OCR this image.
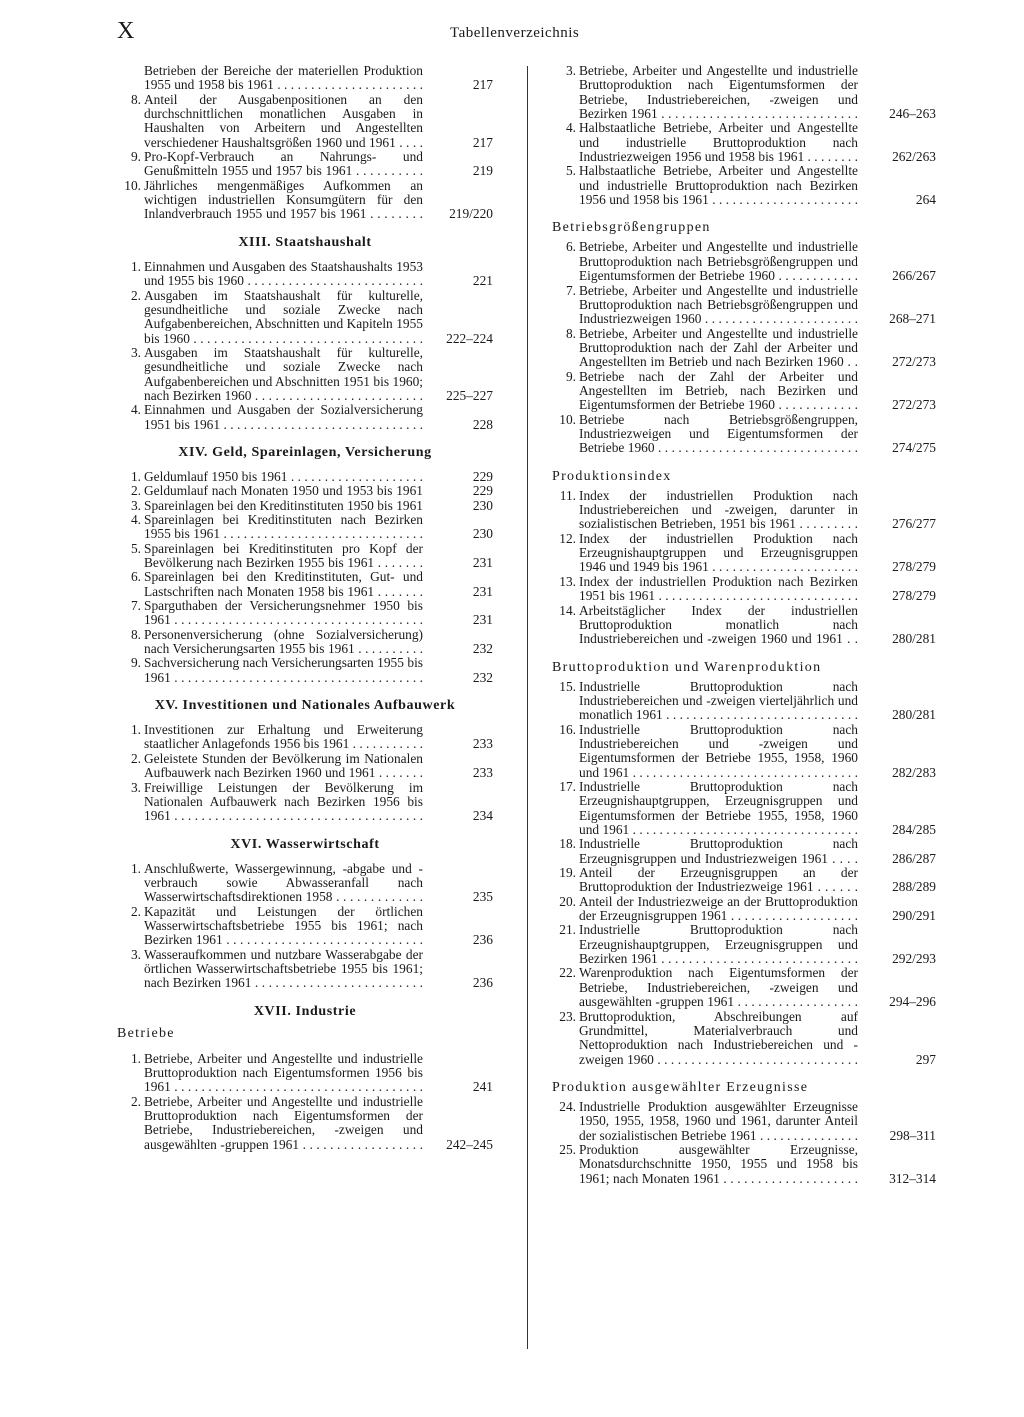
X	Tabellenverzeichnis
Betrieben der Bereiche der materiellen Produktion 1955 und 1958 bis 1961 . . .	217
8. Anteil der Ausgabenpositionen an den durchschnittlichen monatlichen Ausgaben in Haushalten von Arbeitern und Angestellten verschiedener Haushaltsgrößen 1960 und 1961 . . .	217
9. Pro-Kopf-Verbrauch an Nahrungs- und Genußmitteln 1955 und 1957 bis 1961 . . .	219
10. Jährliches mengenmäßiges Aufkommen an wichtigen industriellen Konsumgütern für den Inlandverbrauch 1955 und 1957 bis 1961 . . .	219/220
XIII. Staatshaushalt
1. Einnahmen und Ausgaben des Staatshaushalts 1953 und 1955 bis 1960 . . .	221
2. Ausgaben im Staatshaushalt für kulturelle, gesundheitliche und soziale Zwecke nach Aufgabenbereichen, Abschnitten und Kapiteln 1955 bis 1960 . . .	222–224
3. Ausgaben im Staatshaushalt für kulturelle, gesundheitliche und soziale Zwecke nach Aufgabenbereichen und Abschnitten 1951 bis 1960; nach Bezirken 1960 . . .	225–227
4. Einnahmen und Ausgaben der Sozialversicherung 1951 bis 1961 . . .	228
XIV. Geld, Spareinlagen, Versicherung
1. Geldumlauf 1950 bis 1961 . . .	229
2. Geldumlauf nach Monaten 1950 und 1953 bis 1961 . . .	229
3. Spareinlagen bei den Kreditinstituten 1950 bis 1961 . . .	230
4. Spareinlagen bei Kreditinstituten nach Bezirken 1955 bis 1961 . . .	230
5. Spareinlagen bei Kreditinstituten pro Kopf der Bevölkerung nach Bezirken 1955 bis 1961 . . .	231
6. Spareinlagen bei den Kreditinstituten, Gut- und Lastschriften nach Monaten 1958 bis 1961 . . .	231
7. Sparguthaben der Versicherungsnehmer 1950 bis 1961 . . .	231
8. Personenversicherung (ohne Sozialversicherung) nach Versicherungsarten 1955 bis 1961 . . .	232
9. Sachversicherung nach Versicherungsarten 1955 bis 1961 . . .	232
XV. Investitionen und Nationales Aufbauwerk
1. Investitionen zur Erhaltung und Erweiterung staatlicher Anlagefonds 1956 bis 1961 . . .	233
2. Geleistete Stunden der Bevölkerung im Nationalen Aufbauwerk nach Bezirken 1960 und 1961 . . .	233
3. Freiwillige Leistungen der Bevölkerung im Nationalen Aufbauwerk nach Bezirken 1956 bis 1961 . . .	234
XVI. Wasserwirtschaft
1. Anschlußwerte, Wassergewinnung, -abgabe und -verbrauch sowie Abwasseranfall nach Wasserwirtschaftsdirektionen 1958 . . .	235
2. Kapazität und Leistungen der örtlichen Wasserwirtschaftsbetriebe 1955 bis 1961; nach Bezirken 1961 . . .	236
3. Wasseraufkommen und nutzbare Wasserabgabe der örtlichen Wasserwirtschaftsbetriebe 1955 bis 1961; nach Bezirken 1961 . . .	236
XVII. Industrie
Betriebe
1. Betriebe, Arbeiter und Angestellte und industrielle Bruttoproduktion nach Eigentumsformen 1956 bis 1961 . . .	241
2. Betriebe, Arbeiter und Angestellte und industrielle Bruttoproduktion nach Eigentumsformen der Betriebe, Industriebereichen, -zweigen und ausgewählten -gruppen 1961 . . .	242–245
3. Betriebe, Arbeiter und Angestellte und industrielle Bruttoproduktion nach Eigentumsformen der Betriebe, Industriebereichen, -zweigen und Bezirken 1961 . . .	246–263
4. Halbstaatliche Betriebe, Arbeiter und Angestellte und industrielle Bruttoproduktion nach Industriezweigen 1956 und 1958 bis 1961 . . .	262/263
5. Halbstaatliche Betriebe, Arbeiter und Angestellte und industrielle Bruttoproduktion nach Bezirken 1956 und 1958 bis 1961 . . .	264
Betriebsgrößengruppen
6. Betriebe, Arbeiter und Angestellte und industrielle Bruttoproduktion nach Betriebsgrößengruppen und Eigentumsformen der Betriebe 1960 . . .	266/267
7. Betriebe, Arbeiter und Angestellte und industrielle Bruttoproduktion nach Betriebsgrößengruppen und Industriezweigen 1960 . . .	268–271
8. Betriebe, Arbeiter und Angestellte und industrielle Bruttoproduktion nach der Zahl der Arbeiter und Angestellten im Betrieb und nach Bezirken 1960 . . .	272/273
9. Betriebe nach der Zahl der Arbeiter und Angestellten im Betrieb, nach Bezirken und Eigentumsformen der Betriebe 1960 . . .	272/273
10. Betriebe nach Betriebsgrößengruppen, Industriezweigen und Eigentumsformen der Betriebe 1960 . . .	274/275
Produktionsindex
11. Index der industriellen Produktion nach Industriebereichen und -zweigen, darunter in sozialistischen Betrieben, 1951 bis 1961 . . .	276/277
12. Index der industriellen Produktion nach Erzeugnishauptgruppen und Erzeugnisgruppen 1946 und 1949 bis 1961 . . .	278/279
13. Index der industriellen Produktion nach Bezirken 1951 bis 1961 . . .	278/279
14. Arbeitstäglicher Index der industriellen Bruttoproduktion monatlich nach Industriebereichen und -zweigen 1960 und 1961 . . .	280/281
Bruttoproduktion und Warenproduktion
15. Industrielle Bruttoproduktion nach Industriebereichen und -zweigen vierteljährlich und monatlich 1961 . . .	280/281
16. Industrielle Bruttoproduktion nach Industriebereichen und -zweigen und Eigentumsformen der Betriebe 1955, 1958, 1960 und 1961 . . .	282/283
17. Industrielle Bruttoproduktion nach Erzeugnishauptgruppen, Erzeugnisgruppen und Eigentumsformen der Betriebe 1955, 1958, 1960 und 1961 . . .	284/285
18. Industrielle Bruttoproduktion nach Erzeugnisgruppen und Industriezweigen 1961 . . .	286/287
19. Anteil der Erzeugnisgruppen an der Bruttoproduktion der Industriezweige 1961 . . .	288/289
20. Anteil der Industriezweige an der Bruttoproduktion der Erzeugnisgruppen 1961 . . .	290/291
21. Industrielle Bruttoproduktion nach Erzeugnishauptgruppen, Erzeugnisgruppen und Bezirken 1961 . . .	292/293
22. Warenproduktion nach Eigentumsformen der Betriebe, Industriebereichen, -zweigen und ausgewählten -gruppen 1961 . . .	294–296
23. Bruttoproduktion, Abschreibungen auf Grundmittel, Materialverbrauch und Nettoproduktion nach Industriebereichen und -zweigen 1960 . . .	297
Produktion ausgewählter Erzeugnisse
24. Industrielle Produktion ausgewählter Erzeugnisse 1950, 1955, 1958, 1960 und 1961, darunter Anteil der sozialistischen Betriebe 1961 . . .	298–311
25. Produktion ausgewählter Erzeugnisse, Monatsdurchschnitte 1950, 1955 und 1958 bis 1961; nach Monaten 1961 . . .	312–314
